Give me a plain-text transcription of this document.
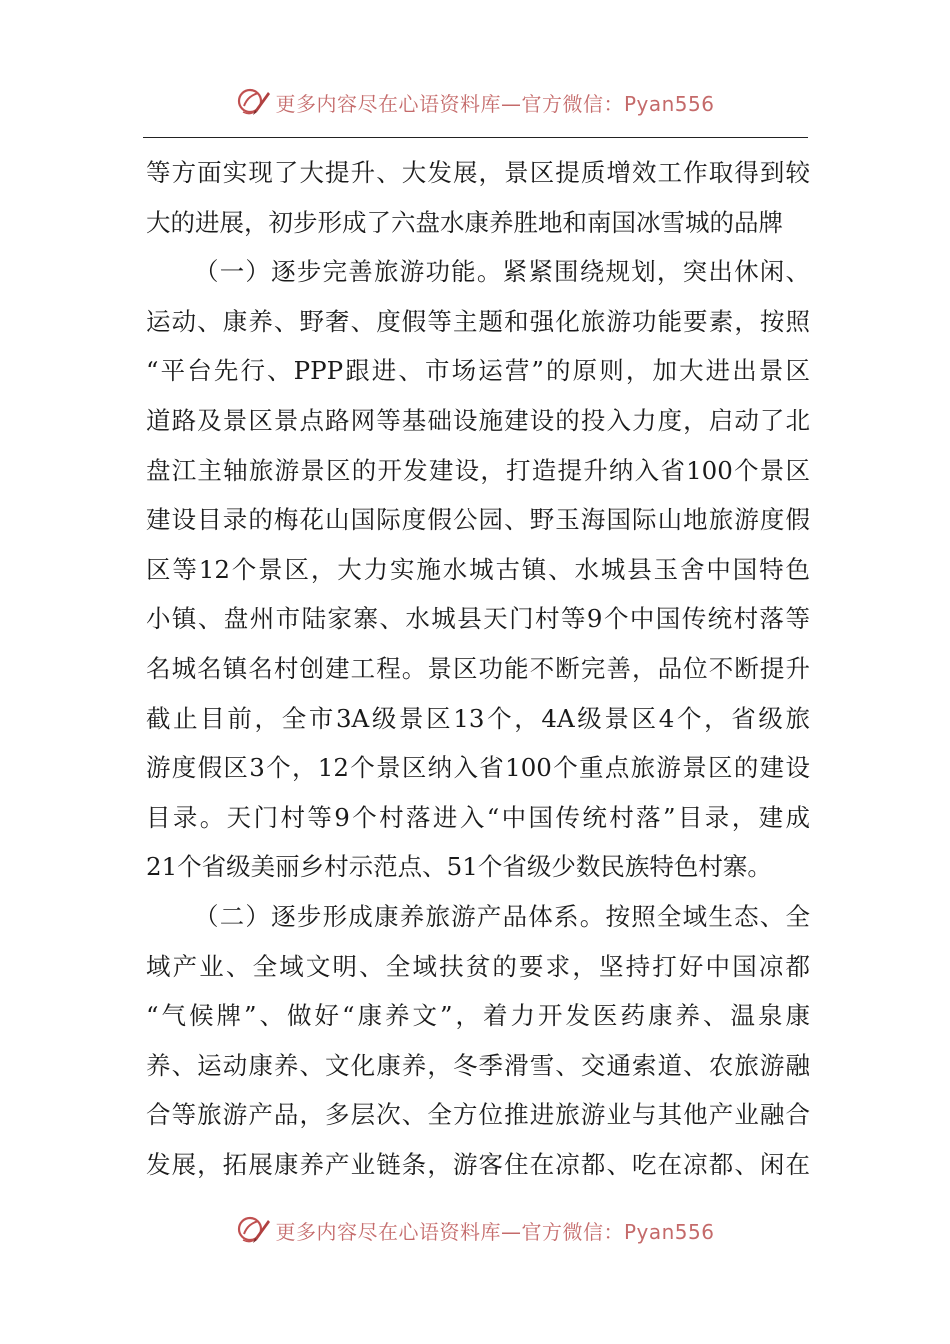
更多内容尽在心语资料库—官方微信：Pyan556
等方面实现了大提升、大发展，景区提质增效工作取得到较
大的进展，初步形成了六盘水康养胜地和南国冰雪城的品牌
（一）逐步完善旅游功能。紧紧围绕规划，突出休闲、
运动、康养、野奢、度假等主题和强化旅游功能要素，按照
“平台先行、PPP跟进、市场运营”的原则，加大进出景区
道路及景区景点路网等基础设施建设的投入力度，启动了北
盘江主轴旅游景区的开发建设，打造提升纳入省100个景区
建设目录的梅花山国际度假公园、野玉海国际山地旅游度假
区等12个景区，大力实施水城古镇、水城县玉舍中国特色
小镇、盘州市陆家寨、水城县天门村等9个中国传统村落等
名城名镇名村创建工程。景区功能不断完善，品位不断提升
截止目前，全市3A级景区13个，4A级景区4个，省级旅
游度假区3个，12个景区纳入省100个重点旅游景区的建设
目录。天门村等9个村落进入“中国传统村落”目录，建成
21个省级美丽乡村示范点、51个省级少数民族特色村寨。
（二）逐步形成康养旅游产品体系。按照全域生态、全
域产业、全域文明、全域扶贫的要求，坚持打好中国凉都
“气候牌”、做好“康养文”，着力开发医药康养、温泉康
养、运动康养、文化康养，冬季滑雪、交通索道、农旅游融
合等旅游产品，多层次、全方位推进旅游业与其他产业融合
发展，拓展康养产业链条，游客住在凉都、吃在凉都、闲在
更多内容尽在心语资料库—官方微信：Pyan556
